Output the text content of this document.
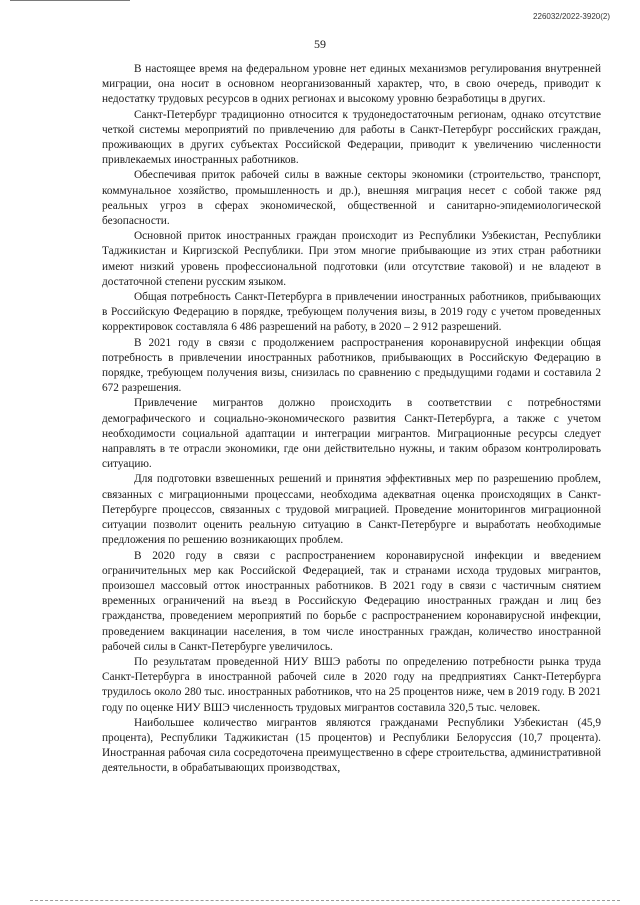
226032/2022-3920(2)
59

В настоящее время на федеральном уровне нет единых механизмов регулирования внутренней миграции, она носит в основном неорганизованный характер, что, в свою очередь, приводит к недостатку трудовых ресурсов в одних регионах и высокому уровню безработицы в других.

Санкт-Петербург традиционно относится к трудонедостаточным регионам, однако отсутствие четкой системы мероприятий по привлечению для работы в Санкт-Петербург российских граждан, проживающих в других субъектах Российской Федерации, приводит к увеличению численности привлекаемых иностранных работников.

Обеспечивая приток рабочей силы в важные секторы экономики (строительство, транспорт, коммунальное хозяйство, промышленность и др.), внешняя миграция несет с собой также ряд реальных угроз в сферах экономической, общественной и санитарно-эпидемиологической безопасности.

Основной приток иностранных граждан происходит из Республики Узбекистан, Республики Таджикистан и Киргизской Республики. При этом многие прибывающие из этих стран работники имеют низкий уровень профессиональной подготовки (или отсутствие таковой) и не владеют в достаточной степени русским языком.

Общая потребность Санкт-Петербурга в привлечении иностранных работников, прибывающих в Российскую Федерацию в порядке, требующем получения визы, в 2019 году с учетом проведенных корректировок составляла 6 486 разрешений на работу, в 2020 – 2 912 разрешений.

В 2021 году в связи с продолжением распространения коронавирусной инфекции общая потребность в привлечении иностранных работников, прибывающих в Российскую Федерацию в порядке, требующем получения визы, снизилась по сравнению с предыдущими годами и составила 2 672 разрешения.

Привлечение мигрантов должно происходить в соответствии с потребностями демографического и социально-экономического развития Санкт-Петербурга, а также с учетом необходимости социальной адаптации и интеграции мигрантов. Миграционные ресурсы следует направлять в те отрасли экономики, где они действительно нужны, и таким образом контролировать ситуацию.

Для подготовки взвешенных решений и принятия эффективных мер по разрешению проблем, связанных с миграционными процессами, необходима адекватная оценка происходящих в Санкт-Петербурге процессов, связанных с трудовой миграцией. Проведение мониторингов миграционной ситуации позволит оценить реальную ситуацию в Санкт-Петербурге и выработать необходимые предложения по решению возникающих проблем.

В 2020 году в связи с распространением коронавирусной инфекции и введением ограничительных мер как Российской Федерацией, так и странами исхода трудовых мигрантов, произошел массовый отток иностранных работников. В 2021 году в связи с частичным снятием временных ограничений на въезд в Российскую Федерацию иностранных граждан и лиц без гражданства, проведением мероприятий по борьбе с распространением коронавирусной инфекции, проведением вакцинации населения, в том числе иностранных граждан, количество иностранной рабочей силы в Санкт-Петербурге увеличилось.

По результатам проведенной НИУ ВШЭ работы по определению потребности рынка труда Санкт-Петербурга в иностранной рабочей силе в 2020 году на предприятиях Санкт-Петербурга трудилось около 280 тыс. иностранных работников, что на 25 процентов ниже, чем в 2019 году. В 2021 году по оценке НИУ ВШЭ численность трудовых мигрантов составила 320,5 тыс. человек.

Наибольшее количество мигрантов являются гражданами Республики Узбекистан (45,9 процента), Республики Таджикистан (15 процентов) и Республики Белоруссия (10,7 процента). Иностранная рабочая сила сосредоточена преимущественно в сфере строительства, административной деятельности, в обрабатывающих производствах,
